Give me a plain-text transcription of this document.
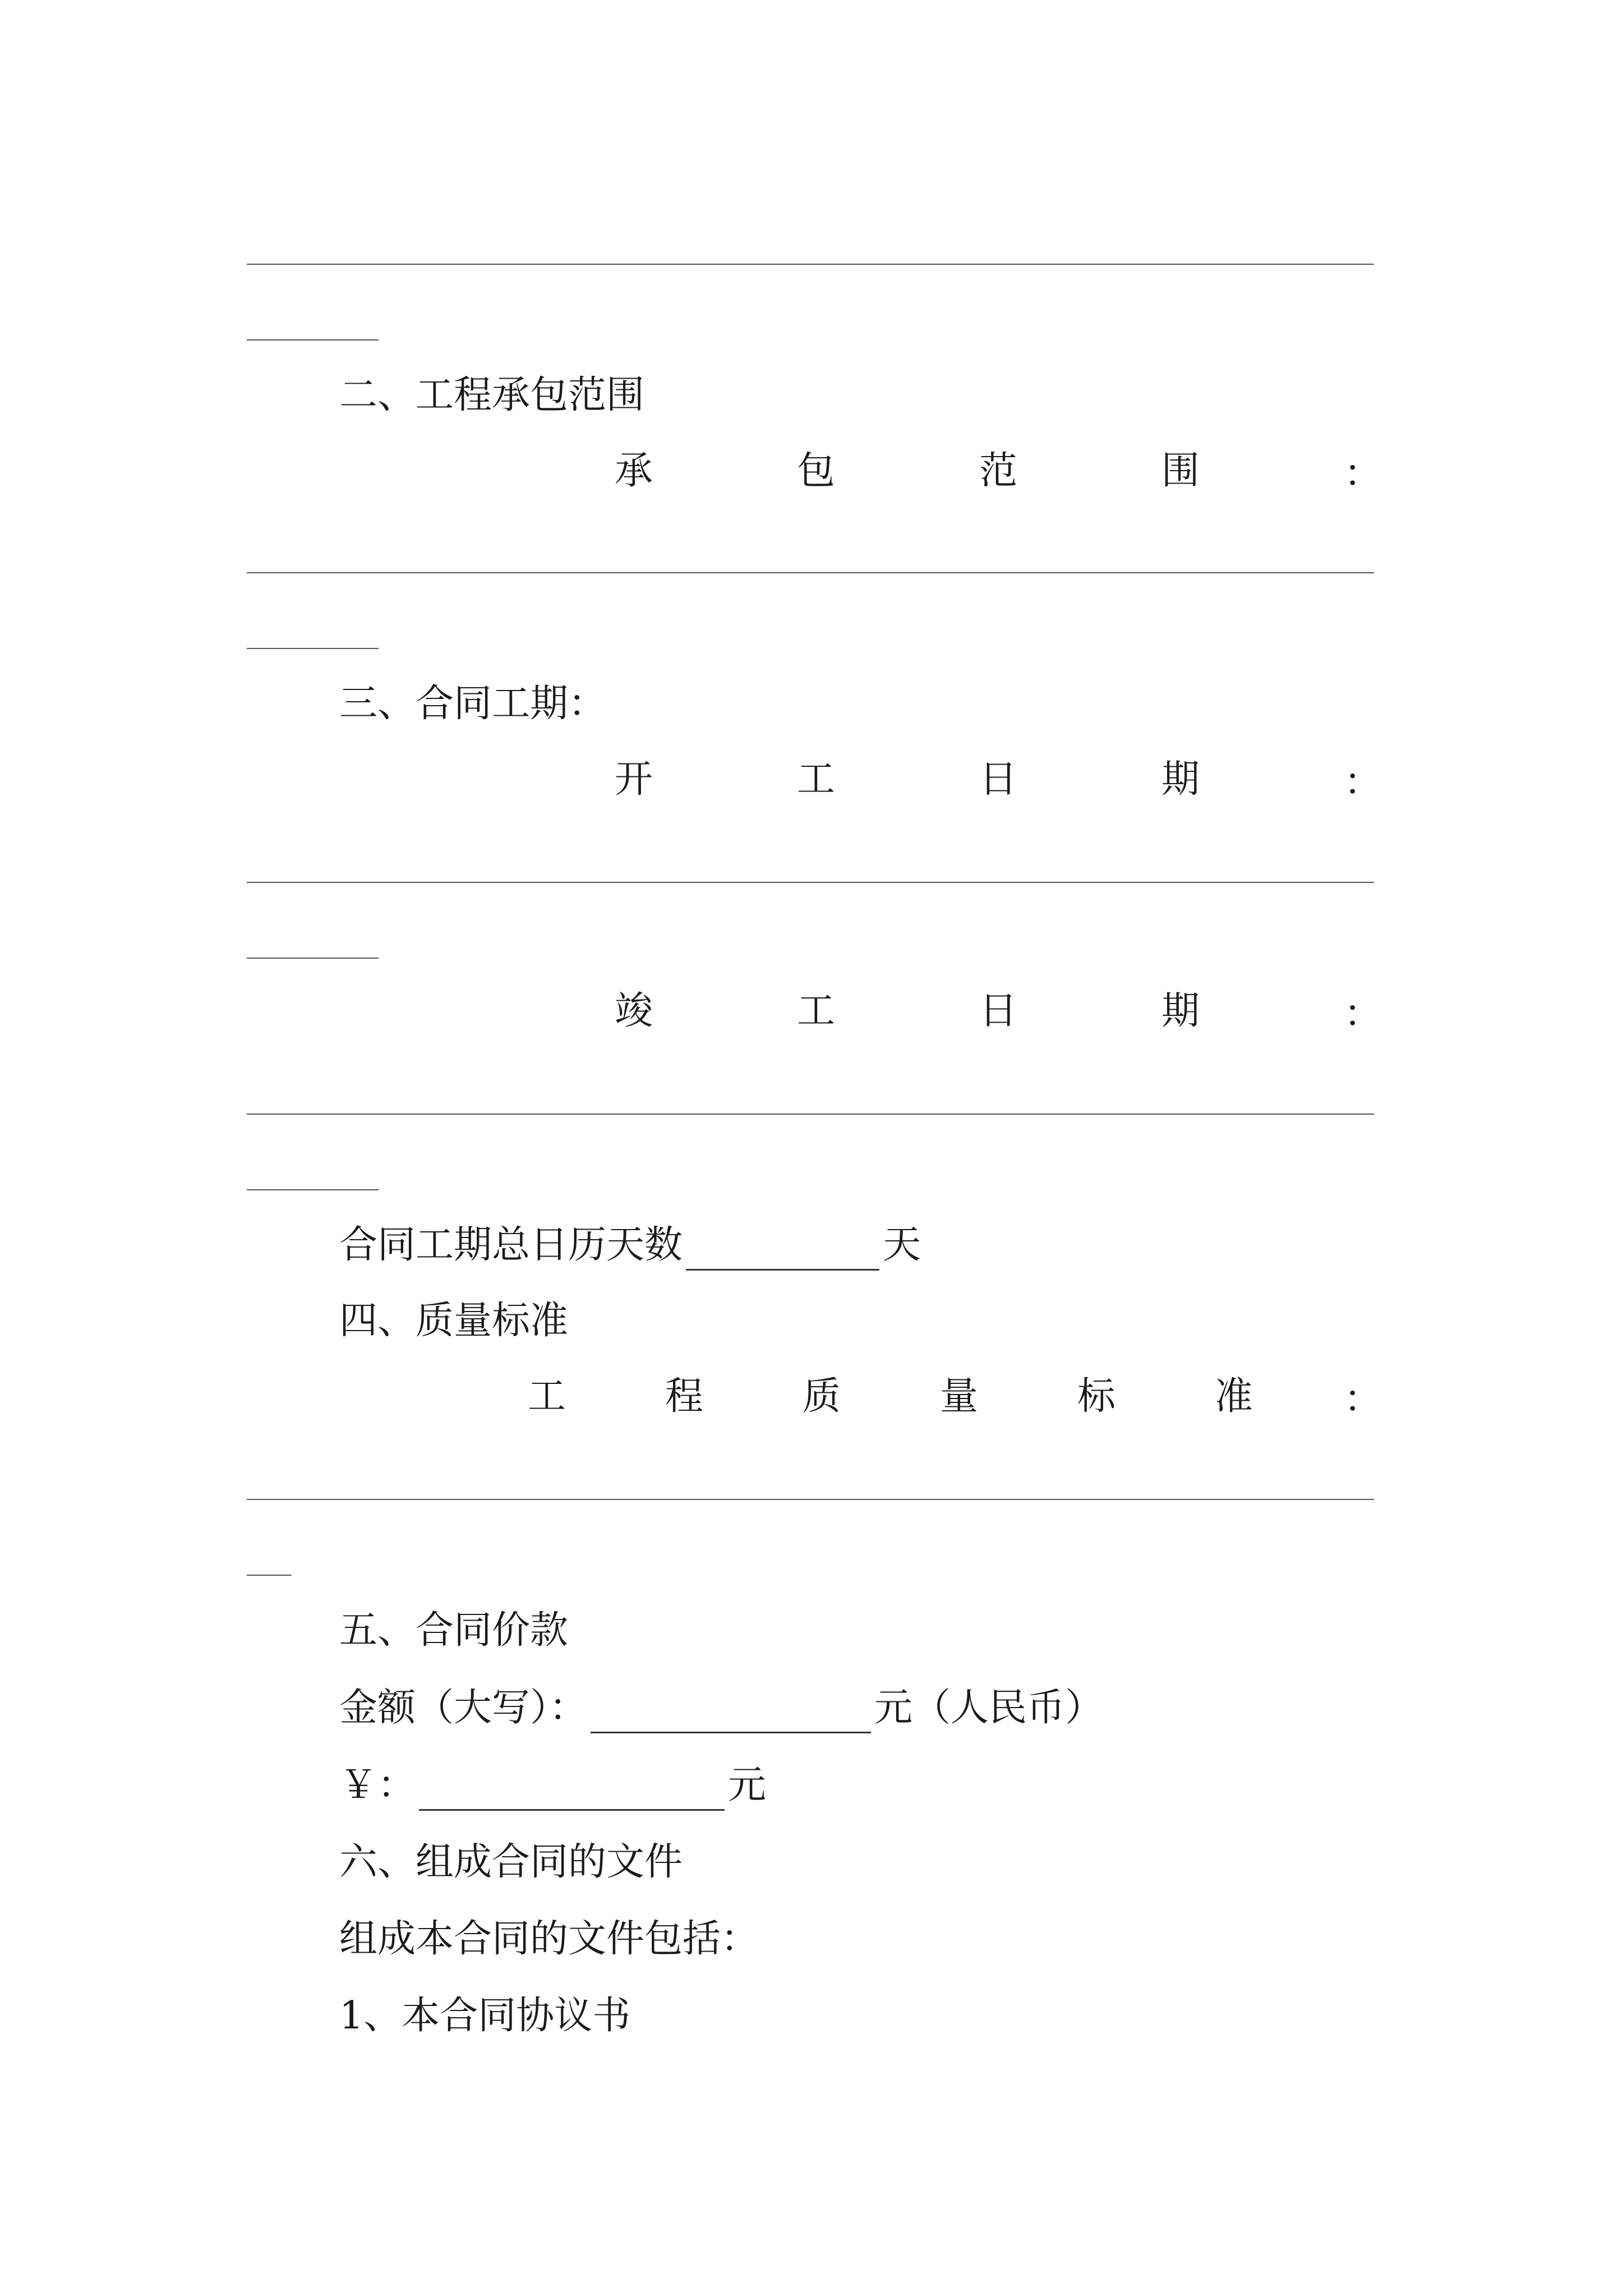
二、工程承包范围
承	包	范	围	：
三、合同工期：
开	工	日	期	：
竣	工	日	期	：
合同工期总日历天数	天
四、质量标准
工	程	质	量	标	准 ：
五、合同价款
金额（大写）：	元（人民币）
￥：	元
六、组成合同的文件
组成本合同的文件包括：
1、本合同协议书
